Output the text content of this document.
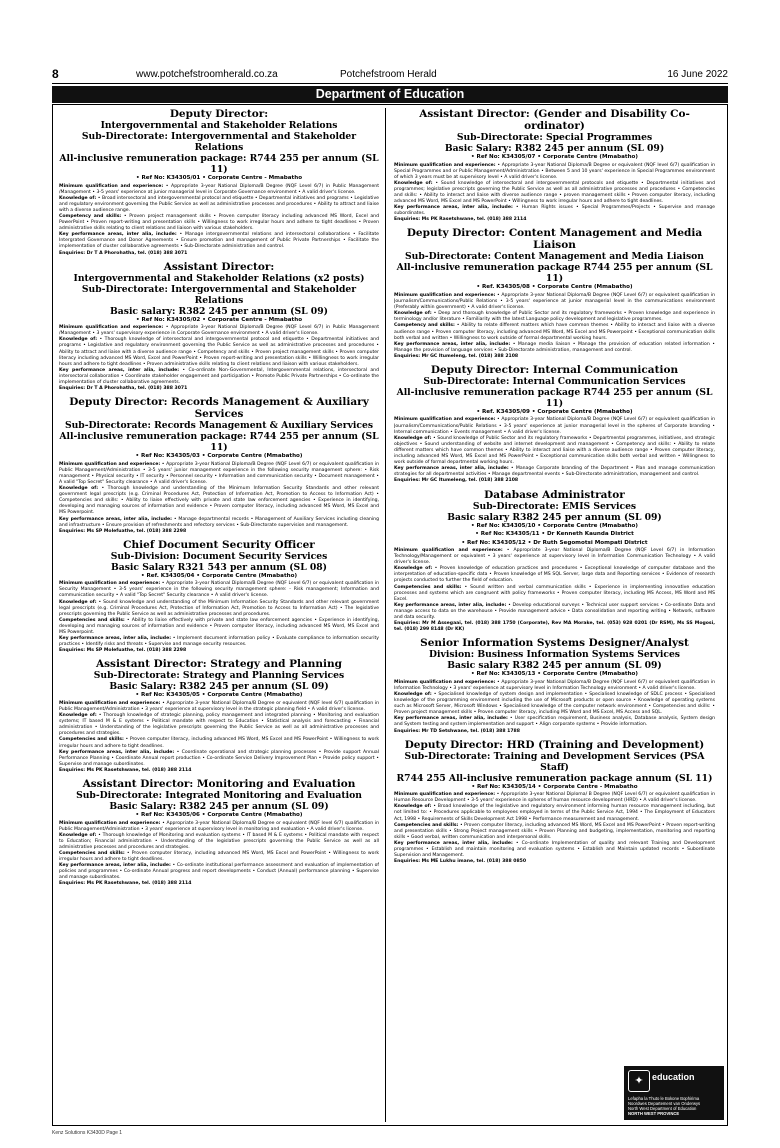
8	www.potchefstroomherald.co.za	Potchefstroom Herald	16 June 2022
Department of Education
Deputy Director:
Intergovernmental and Stakeholder Relations
Sub-Directorate: Intergovernmental and Stakeholder Relations
All-inclusive remuneration package: R744 255 per annum (SL 11)
• Ref No: K34305/01 • Corporate Centre - Mmabatho

Minimum qualification and experience: • Appropriate 3-year National Diploma/B Degree (NQF Level 6/7) in Public Management /Management • 3-5 years' experience at junior managerial level in Corporate Governance environment • A valid driver's license.

Knowledge of: • Broad intersectoral and intergovernmental protocol and etiquette • Departmental initiatives and programs • Legislative and regulatory environment governing the Public Service as well as administrative processes and procedures • Ability to attract and liaise with a diverse audience range.

Competency and skills: • Proven project management skills • Proven computer literacy including advanced MS Word, Excel and PowerPoint • Proven report-writing and presentation skills • Willingness to work irregular hours and adhere to tight deadlines • Proven administrative skills relating to client relations and liaison with various stakeholders.

Key performance areas, inter alia, include: • Manage intergovernmental relations and intersectoral collaborations • Facilitate Intergrated Governance and Donor Agreements • Ensure promotion and management of Public Private Partnerships • Facilitate the implementation of cluster collaborative agreements • Sub-Directorate administration and control.

Enquiries: Dr T A Phorohatha, tel. (018) 388 3071

Assistant Director:
Intergovernmental and Stakeholder Relations (x2 posts)
Sub-Directorate: Intergovernmental and Stakeholder Relations
Basic salary: R382 245 per annum (SL 09)
• Ref No: K34305/02 • Corporate Centre - Mmabatho

Minimum qualification and experience: • Appropriate 3-year National Diploma/B Degree (NQF Level 6/7) in Public Management /Management • 3 years' supervisory experience in Corporate Governance environment • A valid driver's license.

Knowledge of: • Thorough knowledge of intersectoral and intergovernmental protocol and etiquette • Departmental initiatives and programs • Legislative and regulatory environment governing the Public Service as well as administrative processes and procedures • Ability to attract and liaise with a diverse audience range • Competency and skills • Proven project management skills • Proven computer literacy including advanced MS Word, Excel and PowerPoint • Proven report-writing and presentation skills • Willingness to work irregular hours and adhere to tight deadlines • Proven administrative skills relating to client relations and liaison with various stakeholders.

Key performance areas, inter alia, include: • Co-ordinate Non-Governmental, Intergovernmental relations, intersectoral and intersectoral collaboration • Coordinate stakeholder engagement and participation • Promote Public Private Partnerships • Co-ordinate the implementation of cluster collaborative agreements.

Enquiries: Dr T A Phorohatha, tel. (018) 388 3071

Deputy Director: Records Management & Auxiliary Services
Sub-Directorate: Records Management & Auxiliary Services
All-inclusive remuneration package: R744 255 per annum (SL 11)
• Ref No: K34305/03 • Corporate Centre (Mmabatho)

Minimum qualification and experience: • Appropriate 3-year National Diploma/B Degree (NQF Level 6/7) or equivalent qualification in Public Management/Administration • 3-5 years' junior management experience in the following security management sphere: • Risk management • Physical security • IT security • Personnel security • Information and communication security • Document management • A valid "Top Secret" Security clearance • A valid driver's license.

Knowledge of: • Thorough knowledge and understanding of the Minimum Information Security Standards and other relevant government legal prescripts (e.g. Criminal Procedures Act, Protection of Information Act, Promotion to Access to Information Act) • Competencies and skills: • Ability to liaise effectively with private and state law enforcement agencies • Experience in identifying, developing and managing sources of information and evidence • Proven computer literacy, including advanced MS Word, MS Excel and MS Powerpoint.

Key performance areas, inter alia, include: • Manage departmental records • Management of Auxiliary Services including cleaning and infrastructure • Ensure provision of refreshments and refectory services • Sub-Directorate supervision and management.

Enquiries: Ms SP Molefuathe, tel. (018) 388 2298

Chief Document Security Officer
Sub-Division: Document Security Services
Basic Salary R321 543 per annum (SL 08)
• Ref. K34305/04 • Corporate Centre (Mmabatho)

Minimum qualification and experience: • Appropriate 3-year National Diploma/B Degree (NQF Level 6/7) or equivalent qualification in Security Management • 3-5 years' experience in the following security management sphere: - Risk management; Information and communication security • A valid "Top Secret" Security clearance • A valid driver's license.

Knowledge of: • Sound knowledge and understanding of the Minimum Information Security Standards and other relevant government legal prescripts (e.g. Criminal Procedures Act, Protection of Information Act, Promotion to Access to Information Act) • The legislative prescripts governing the Public Service as well as administrative processes and procedures.

Competencies and skills: • Ability to liaise effectively with private and state law enforcement agencies • Experience in identifying, developing and managing sources of information and evidence • Proven computer literacy, including advanced MS Word, MS Excel and MS Powerpoint.

Key performance areas, inter alia, include: • Implement document information policy • Evaluate compliance to information security practices • Identify risks and threats • Supervise and manage security resources.

Enquiries: Ms SP Molefuathe, tel. (018) 388 2298

Assistant Director: Strategy and Planning
Sub-Directorate: Strategy and Planning Services
Basic Salary: R382 245 per annum (SL 09)
• Ref No: K34305/05 • Corporate Centre (Mmabatho)

Minimum qualification and experience: • Appropriate 3-year National Diploma/B Degree or equivalent (NQF level 6/7) qualification in Public Management/Administration • 3 years' experience at supervisory level in the strategic planning field • A valid driver's license.

Knowledge of: • Thorough knowledge of strategic planning, policy management and integrated planning • Monitoring and evaluation systems; IT based M & E systems • Political mandate with respect to Education • Statistical analysis and forecasting • Financial administration • Understanding of the legislative prescripts governing the Public Service as well as all administrative processes and procedures and strategies.

Competencies and skills: • Proven computer literacy, including advanced MS Word, MS Excel and MS PowerPoint • Willingness to work irregular hours and adhere to tight deadlines.

Key performance areas, inter alia, include: • Coordinate operational and strategic planning processes • Provide support Annual Performance Planning • Coordinate Annual report production • Co-ordinate Service Delivery Improvement Plan • Provide policy support • Supervise and manage subordinates.

Enquiries: Ms PK Rasetshwane, tel. (018) 388 2114

Assistant Director: Monitoring and Evaluation
Sub-Directorate: Integrated Monitoring and Evaluation
Basic Salary: R382 245 per annum (SL 09)
• Ref No: K34305/06 • Corporate Centre (Mmabatho)

Minimum qualification and experience: • Appropriate 3-year National Diploma/B Degree or equivalent (NQF level 6/7) qualification in Public Management/Administration • 3 years' experience at supervisory level in monitoring and evaluation • A valid driver's license.

Knowledge of: • Thorough knowledge of Monitoring and evaluation systems • IT based M & E systems • Political mandate with respect to Education; Financial administration • Understanding of the legislative prescripts governing the Public Service as well as all administrative processes and procedures and strategies.

Competencies and skills: • Proven computer literacy, including advanced MS Word, MS Excel and PowerPoint • Willingness to work irregular hours and adhere to tight deadlines.

Key performance areas, inter alia, include: • Co-ordinate institutional performance assessment and evaluation of implementation of policies and programmes • Co-ordinate Annual progress and report developments • Conduct (Annual) performance planning • Supervise and manage subordinates.

Enquiries: Ms PK Rasetshwane, tel. (018) 388 2114

Assistant Director: (Gender and Disability Co-ordinator)
Sub-Directorate: Special Programmes
Basic Salary: R382 245 per annum (SL 09)
• Ref No: K34305/07 • Corporate Centre (Mmabatho)

Minimum qualification and experience: • Appropriate 3-year National Diploma/B Degree or equivalent (NQF level 6/7) qualification in Special Programmes and or Public Management/Administration • Between 5 and 10 years' experience in Special Programmes environment of which 3 years must be at supervisory level • A valid driver's license.

Knowledge of: • Sound knowledge of intersectoral and intergovernmental protocols and etiquette • Departmental initiatives and programmes; legislative prescripts governing the Public Service as well as all administrative processes and procedures • Competencies and skills: • Ability to interact and liaise with diverse audience range • proven management skills • Proven computer literacy, including advanced MS Word, MS Excel and MS PowerPoint • Willingness to work irregular hours and adhere to tight deadlines.

Key performance areas, inter alia, include: • Human Rights issues • Special Programmes/Projects • Supervise and manage subordinates.

Enquiries: Ms PK Rasetshwane, tel. (018) 388 2114

Deputy Director: Content Management and Media Liaison
Sub-Directorate: Content Management and Media Liaison
All-inclusive remuneration package R744 255 per annum (SL 11)
• Ref. K34305/08 • Corporate Centre (Mmabatho)

Minimum qualification and experience: • Appropriate 3-year National Diploma/B Degree (NQF Level 6/7) or equivalent qualification in Journalism/Communications/Public Relations • 3-5 years' experience at junior managerial level in the communications environment (Preferably within government) • A valid driver's license.

Knowledge of: • Deep and thorough knowledge of Public Sector and its regulatory frameworks • Proven knowledge and experience in terminology and/or literature • Familiarity with the latest Language policy development and legislative programmes.

Competency and skills: • Ability to relate different matters which have common themes • Ability to interact and liaise with a diverse audience range • Proven computer literacy, including advanced MS Word, MS Excel and MS Powerpoint • Exceptional communication skills both verbal and written • Willingness to work outside of formal departmental working hours.

Key performance areas, inter alia, include: • Manage media liaison • Manage the provision of education related information • Manage the provision of language services • Sub-Directorate administration, management and control.

Enquiries: Mr GC Itumeleng, tel. (018) 388 2108

Deputy Director: Internal Communication
Sub-Directorate: Internal Communication Services
All-inclusive remuneration package R744 255 per annum (SL 11)
• Ref. K34305/09 • Corporate Centre (Mmabatho)

Minimum qualification and experience: • Appropriate 3-year National Diploma/B Degree (NQF Level 6/7) or equivalent qualification in Journalism/Communications/Public Relations • 3-5 years' experience at junior managerial level in the spheres of Corporate branding • Internal communication • Events management • A valid driver's license.

Knowledge of: • Sound knowledge of Public Sector and its regulatory frameworks • Departmental programmes, initiatives, and strategic objectives • Sound understanding of website and internet development and management • Competency and skills: • Ability to relate different matters which have common themes • Ability to interact and liaise with a diverse audience range • Proven computer literacy, including advanced MS Word, MS Excel and MS PowerPoint • Exceptional communication skills both verbal and written • Willingness to work outside of formal departmental working hours.

Key performance areas, inter alia, include: • Manage Corporate branding of the Department • Plan and manage communication strategies for all departmental activities • Manage departmental events • Sub-Directorate administration, management and control.

Enquiries: Mr GC Itumeleng, tel. (018) 388 2108

Database Administrator
Sub-Directorate: EMIS Services
Basic salary R382 245 per annum (SL 09)
• Ref No: K34305/10 • Corporate Centre (Mmabatho)
• Ref No: K34305/11 • Dr Kenneth Kaunda District
• Ref No: K34305/12 • Dr Ruth Segomotsi Mompati District

Minimum qualification and experience: • Appropriate 3-year National Diploma/B Degree (NQF Level 6/7) in Information Technology/Management or equivalent • 3 years' experience at supervisory level in Information Communication Technology • A valid driver's license.

Knowledge of: • Proven knowledge of education practices and procedures • Exceptional knowledge of computer database and the interpretation of education-specific data • Proven knowledge of MS SQL Server, large data and Reporting services • Evidence of research projects conducted to further the field of education.

Competencies and skills: • Sound written and verbal communication skills • Experience in implementing innovative education processes and systems which are congruent with policy frameworks • Proven computer literacy, including MS Access, MS Word and MS Excel.

Key performance areas, inter alia, include: • Develop educational surveys • Technical user support services • Co-ordinate Data and manage access to data on the warehouse • Provide management advice • Data consolidation and reporting writing • Network, software and data security.

Enquiries: Mr M Assegaai, tel. (018) 388 1750 (Corporate), Rev MA Morake, tel. (053) 928 0201 (Dr RSM), Ms SS Mogosi, tel. (018) 299 8148 (Dr KK)

Senior Information Systems Designer/Analyst
Division: Business Information Systems Services
Basic salary R382 245 per annum (SL 09)
• Ref No: K34305/13 • Corporate Centre (Mmabatho)

Minimum qualification and experience: • Appropriate 3-year National Diploma/B Degree (NQF Level 6/7) or equivalent qualification in Information Technology • 3 years' experience at supervisory level in Information Technology environment • A valid driver's license.

Knowledge of: • Specialised knowledge of system design and implementation • Specialised knowledge of SDLC process • Specialised knowledge of the programming environment including the use of Microsoft products or open source • Knowledge of operating systems such as Microsoft Server, Microsoft Windows • Specialised knowledge of the computer network environment • Competencies and skills: • Proven project management skills • Proven computer literacy, including MS Word and MS Excel, MS Access and SQL.

Key performance areas, inter alia, include: • User specification requirement, Business analysis, Database analysis, System design and System testing and system implementation and support • Align corporate systems • Provide information.

Enquiries: Mr TD Setshwane, tel. (018) 388 1788

Deputy Director: HRD (Training and Development)
Sub-Directorate: Training and Development Services (PSA Staff)
R744 255 All-inclusive remuneration package annum (SL 11)
• Ref No: K34305/14 • Corporate Centre - Mmabatho

Minimum qualification and experience: • Appropriate 3-year National Diploma/ B Degree (NQF Level 6/7) or equivalent qualification in Human Resource Development • 3-5 years' experience in spheres of human resource development (HRD) • A valid driver's license.

Knowledge of: • Broad knowledge of the legislative and regulatory environment informing human resource management including, but not limited to: • Procedures applicable to employees employed in terms of the Public Service Act, 1994 • The Employment of Educators Act, 1998 • Requirements of Skills Development Act 1998 • Performance measurement and management.

Competencies and skills: • Proven computer literacy, including advanced MS Word, MS Excel and MS PowerPoint • Proven report-writing and presentation skills • Strong Project management skills • Proven Planning and budgeting, implementation, monitoring and reporting skills • Good verbal, written communication and interpersonal skills.

Key performance areas, inter alia, include: • Co-ordinate Implementation of quality and relevant Training and Development programmes • Establish and maintain monitoring and evaluation systems • Establish and Maintain updated records • Subordinate Supervision and Management.

Enquiries: Ms ME Lukhu imane, tel. (018) 388 0850

✦ education
Lefapha la Thuto le Bokone Bophirima
Noordwes Departement van Onderwys
North West Department of Education
NORTH WEST PROVINCE
Kenz Solutions K3430D Page 1
